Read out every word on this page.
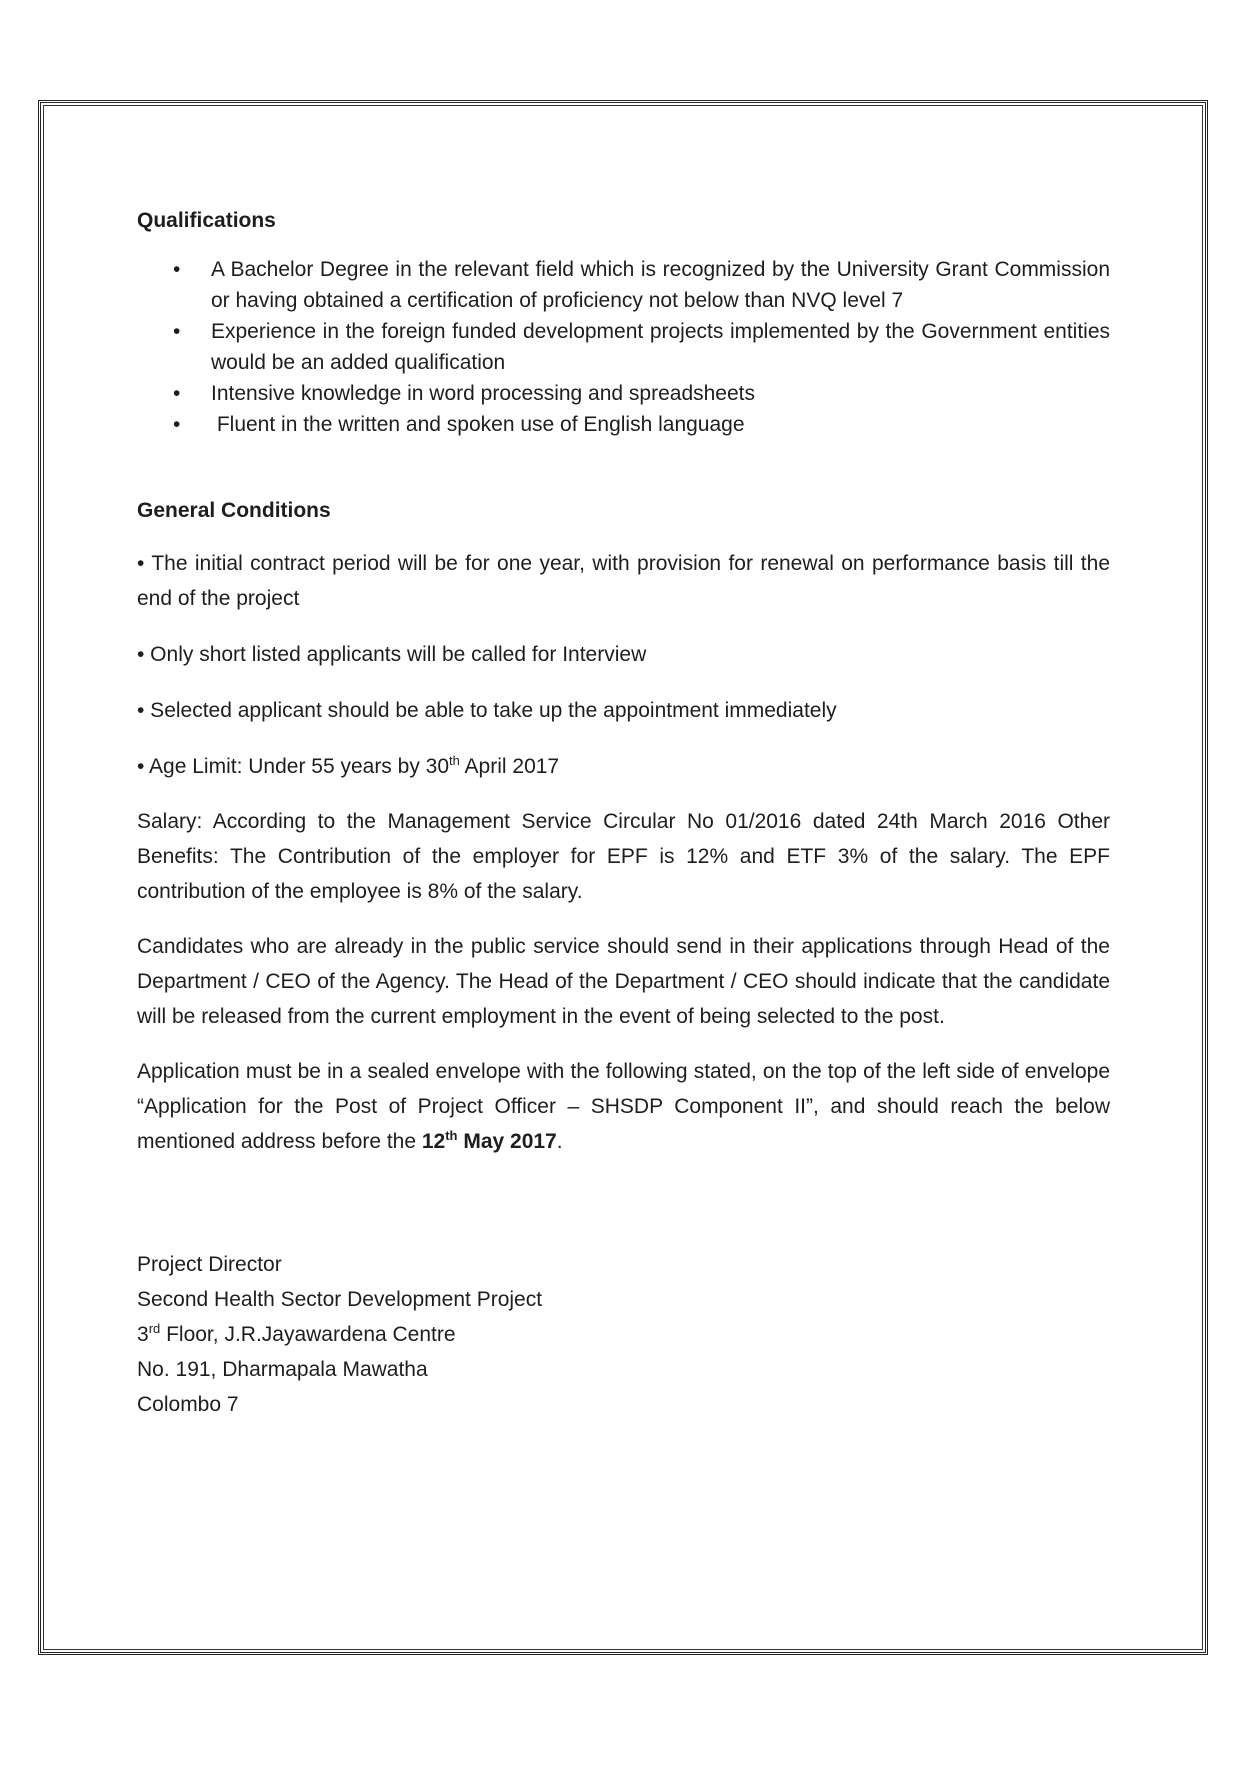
Qualifications

• A Bachelor Degree in the relevant field which is recognized by the University Grant Commission or having obtained a certification of proficiency not below than NVQ level 7
• Experience in the foreign funded development projects implemented by the Government entities would be an added qualification
• Intensive knowledge in word processing and spreadsheets
• Fluent in the written and spoken use of English language

General Conditions

• The initial contract period will be for one year, with provision for renewal on performance basis till the end of the project

• Only short listed applicants will be called for Interview

• Selected applicant should be able to take up the appointment immediately

• Age Limit: Under 55 years by 30th April 2017

Salary: According to the Management Service Circular No 01/2016 dated 24th March 2016 Other Benefits: The Contribution of the employer for EPF is 12% and ETF 3% of the salary. The EPF contribution of the employee is 8% of the salary.

Candidates who are already in the public service should send in their applications through Head of the Department / CEO of the Agency. The Head of the Department / CEO should indicate that the candidate will be released from the current employment in the event of being selected to the post.

Application must be in a sealed envelope with the following stated, on the top of the left side of envelope “Application for the Post of Project Officer – SHSDP Component II”, and should reach the below mentioned address before the 12th May 2017.

Project Director
Second Health Sector Development Project
3rd Floor, J.R.Jayawardena Centre
No. 191, Dharmapala Mawatha
Colombo 7
